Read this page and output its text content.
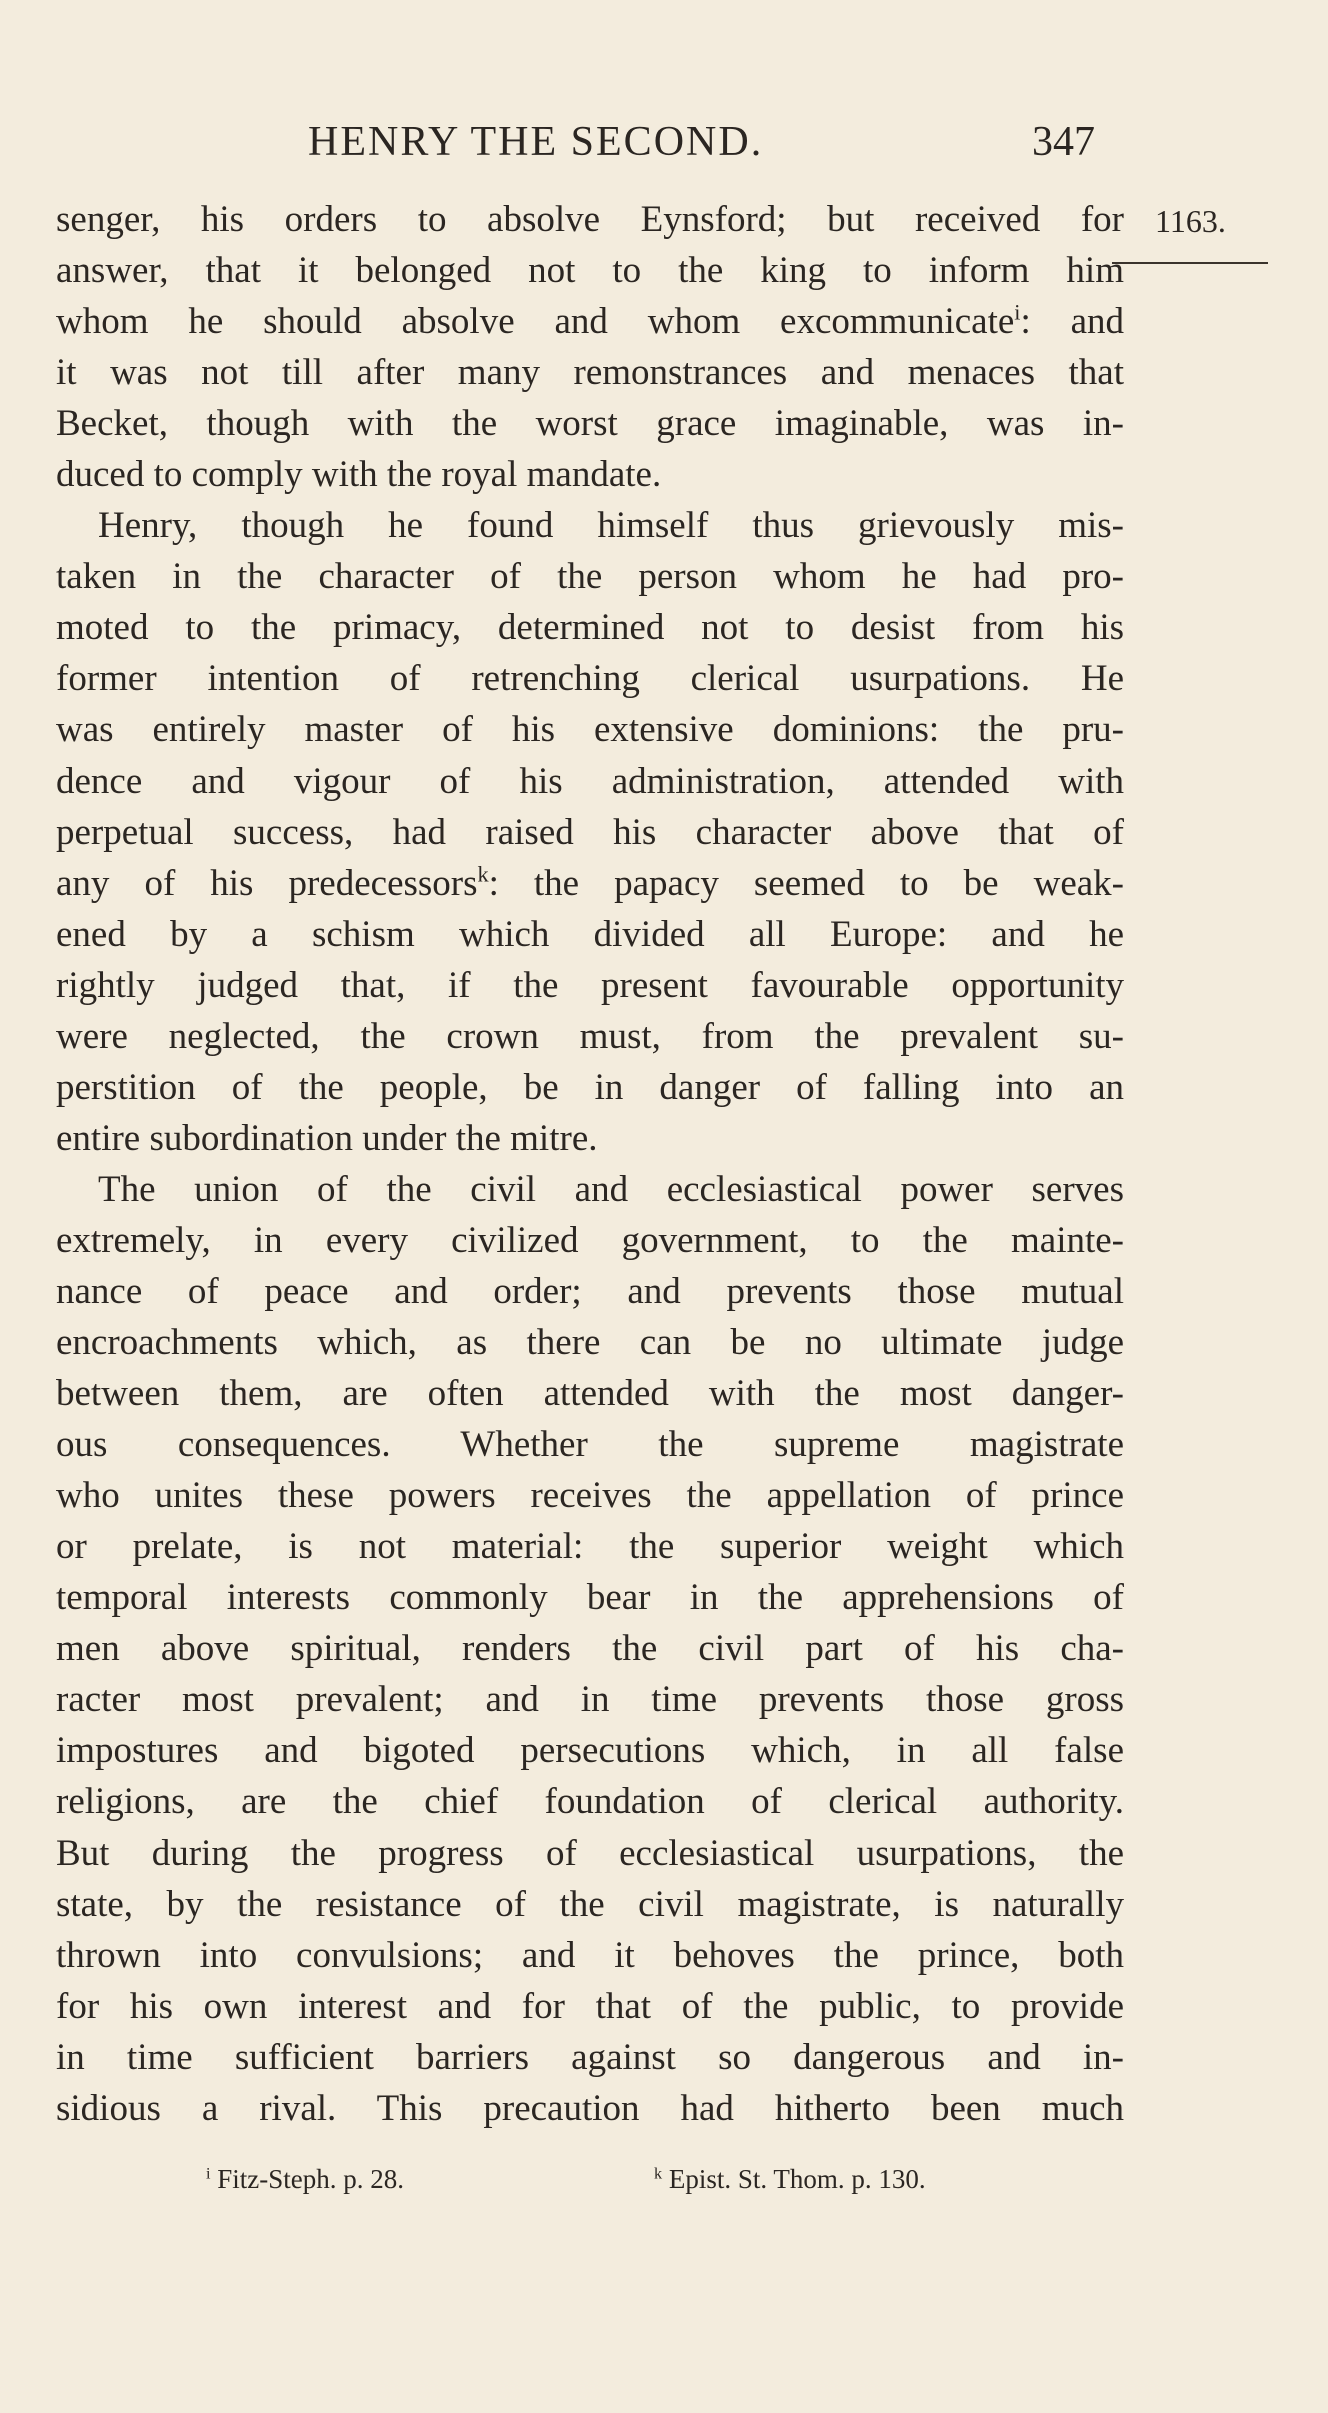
HENRY THE SECOND.	347
1163.
senger, his orders to absolve Eynsford; but received for
answer, that it belonged not to the king to inform him
whom he should absolve and whom excommunicate$^i$: and
it was not till after many remonstrances and menaces that
Becket, though with the worst grace imaginable, was in-
duced to comply with the royal mandate.
Henry, though he found himself thus grievously mis-
taken in the character of the person whom he had pro-
moted to the primacy, determined not to desist from his
former intention of retrenching clerical usurpations. He
was entirely master of his extensive dominions: the pru-
dence and vigour of his administration, attended with
perpetual success, had raised his character above that of
any of his predecessors$^k$: the papacy seemed to be weak-
ened by a schism which divided all Europe: and he
rightly judged that, if the present favourable opportunity
were neglected, the crown must, from the prevalent su-
perstition of the people, be in danger of falling into an
entire subordination under the mitre.
The union of the civil and ecclesiastical power serves
extremely, in every civilized government, to the mainte-
nance of peace and order; and prevents those mutual
encroachments which, as there can be no ultimate judge
between them, are often attended with the most danger-
ous consequences. Whether the supreme magistrate
who unites these powers receives the appellation of prince
or prelate, is not material: the superior weight which
temporal interests commonly bear in the apprehensions of
men above spiritual, renders the civil part of his cha-
racter most prevalent; and in time prevents those gross
impostures and bigoted persecutions which, in all false
religions, are the chief foundation of clerical authority.
But during the progress of ecclesiastical usurpations, the
state, by the resistance of the civil magistrate, is naturally
thrown into convulsions; and it behoves the prince, both
for his own interest and for that of the public, to provide
in time sufficient barriers against so dangerous and in-
sidious a rival. This precaution had hitherto been much
$^i$ Fitz-Steph. p. 28.	$^k$ Epist. St. Thom. p. 130.
